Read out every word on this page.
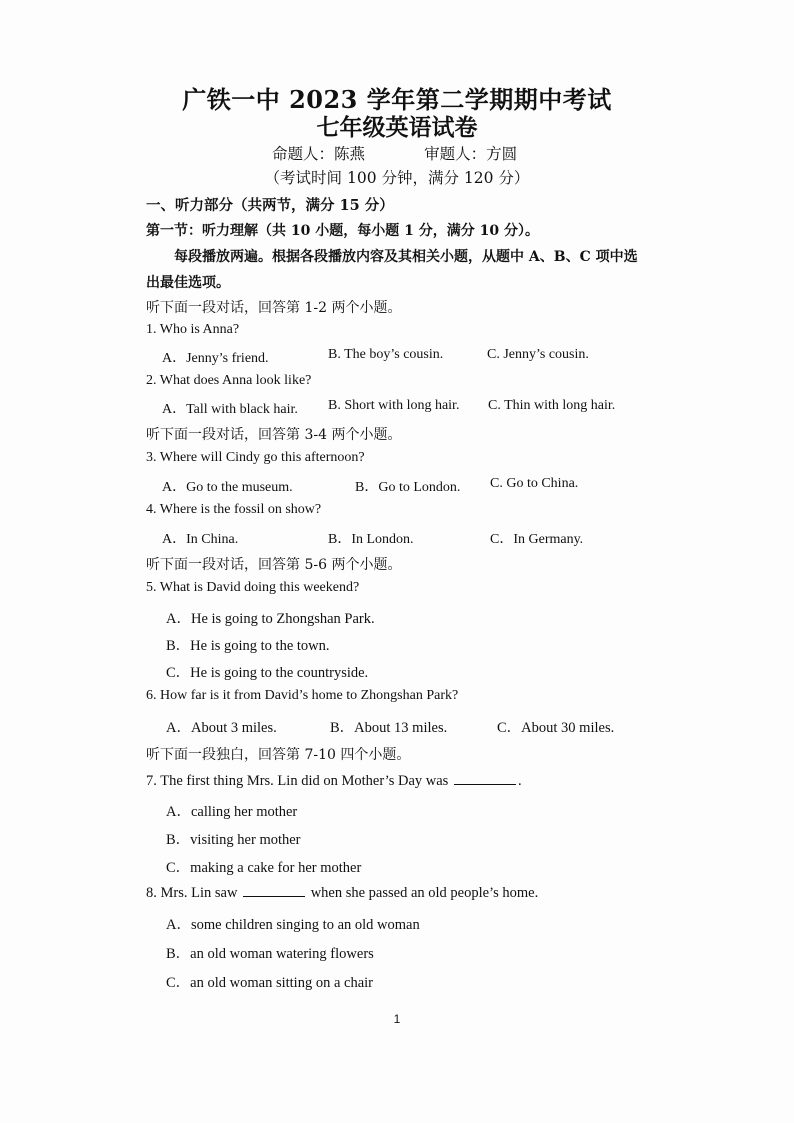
广铁一中 2023 学年第二学期期中考试
七年级英语试卷
命题人：陈燕	审题人：方圆
（考试时间 100 分钟，满分 120 分）
一、听力部分（共两节，满分 15 分）
第一节：听力理解（共 10 小题，每小题 1 分，满分 10 分）。
每段播放两遍。根据各段播放内容及其相关小题，从题中 A、B、C 项中选
出最佳选项。
听下面一段对话，回答第 1-2 两个小题。
1. Who is Anna?
A．Jenny’s friend.	B. The boy’s cousin.	C. Jenny’s cousin.
2. What does Anna look like?
A．Tall with black hair. B. Short with long hair. C. Thin with long hair.
听下面一段对话，回答第 3-4 两个小题。
3. Where will Cindy go this afternoon?
A．Go to the museum.	B．Go to London. C. Go to China.
4. Where is the fossil on show?
A．In China.	B．In London.	C．In Germany.
听下面一段对话，回答第 5-6 两个小题。
5. What is David doing this weekend?
A．He is going to Zhongshan Park.
B．He is going to the town.
C．He is going to the countryside.
6. How far is it from David’s home to Zhongshan Park?
A．About 3 miles.	B．About 13 miles.	C．About 30 miles.
听下面一段独白，回答第 7-10 四个小题。
7. The first thing Mrs. Lin did on Mother’s Day was	.
A．calling her mother
B．visiting her mother
C．making a cake for her mother
8. Mrs. Lin saw	when she passed an old people’s home.
A．some children singing to an old woman
B．an old woman watering flowers
C．an old woman sitting on a chair
1
